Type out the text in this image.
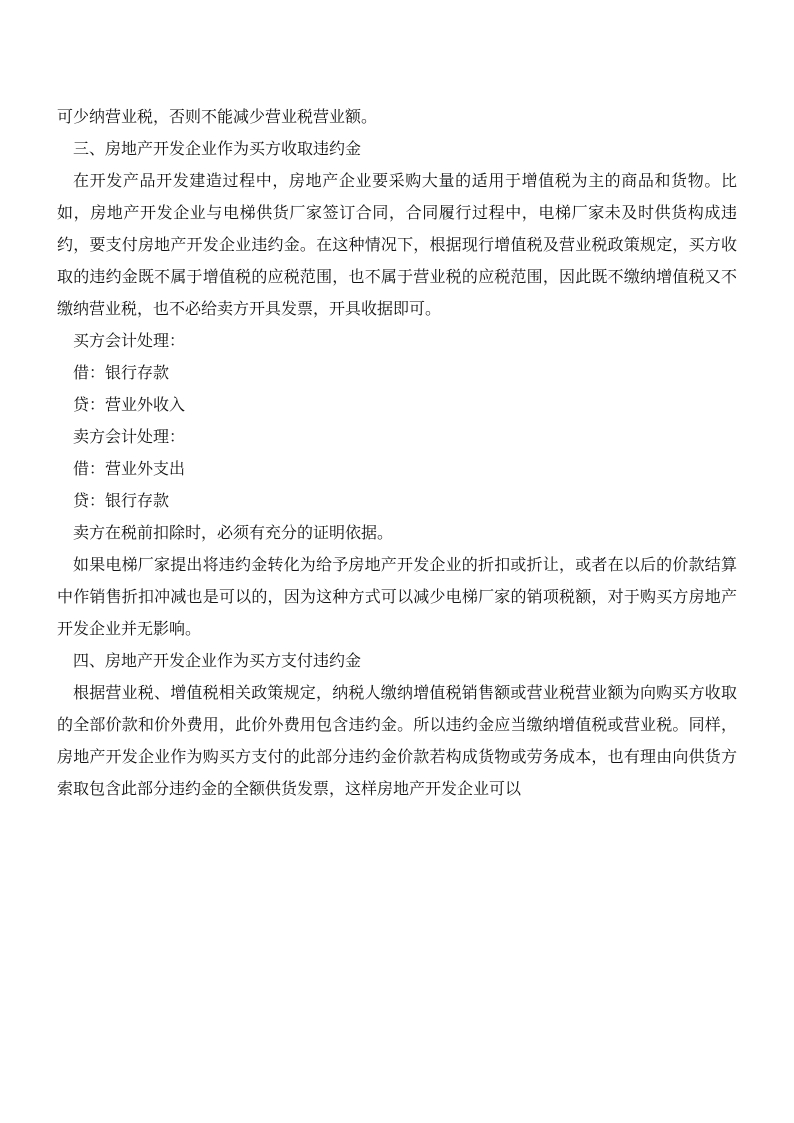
可少纳营业税，否则不能减少营业税营业额。

三、房地产开发企业作为买方收取违约金

在开发产品开发建造过程中，房地产企业要采购大量的适用于增值税为主的商品和货物。比如，房地产开发企业与电梯供货厂家签订合同，合同履行过程中，电梯厂家未及时供货构成违约，要支付房地产开发企业违约金。在这种情况下，根据现行增值税及营业税政策规定，买方收取的违约金既不属于增值税的应税范围，也不属于营业税的应税范围，因此既不缴纳增值税又不缴纳营业税，也不必给卖方开具发票，开具收据即可。

买方会计处理：

借：银行存款

贷：营业外收入

卖方会计处理：

借：营业外支出

贷：银行存款

卖方在税前扣除时，必须有充分的证明依据。

如果电梯厂家提出将违约金转化为给予房地产开发企业的折扣或折让，或者在以后的价款结算中作销售折扣冲减也是可以的，因为这种方式可以减少电梯厂家的销项税额，对于购买方房地产开发企业并无影响。

四、房地产开发企业作为买方支付违约金

根据营业税、增值税相关政策规定，纳税人缴纳增值税销售额或营业税营业额为向购买方收取的全部价款和价外费用，此价外费用包含违约金。所以违约金应当缴纳增值税或营业税。同样，房地产开发企业作为购买方支付的此部分违约金价款若构成货物或劳务成本，也有理由向供货方索取包含此部分违约金的全额供货发票，这样房地产开发企业可以
